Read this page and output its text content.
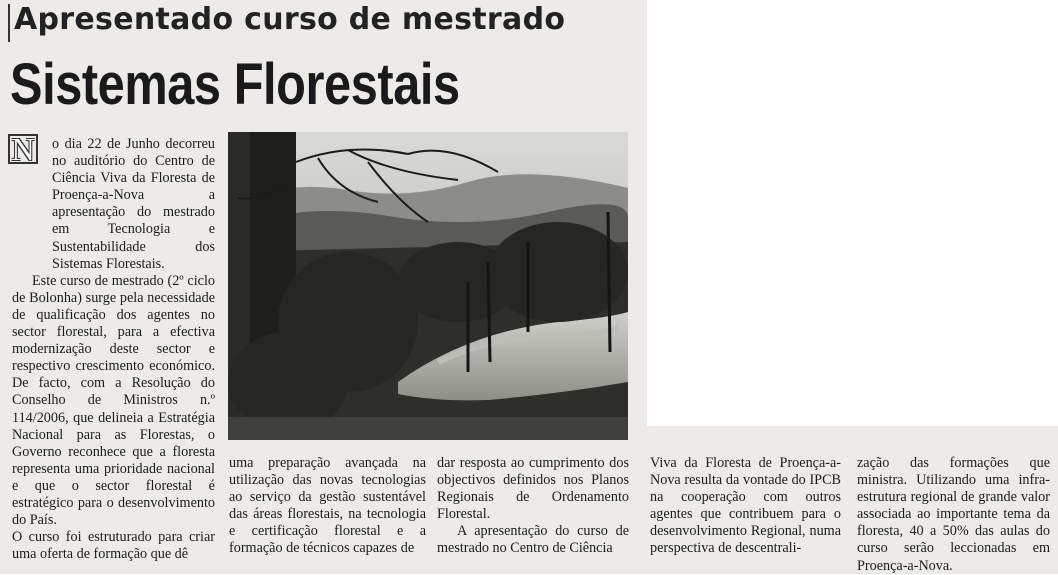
Apresentado curso de mestrado
Sistemas Florestais
N	o dia 22 de Junho decorreu no auditório do Centro de Ciência Viva da Floresta de Proença-a-Nova a apresentação do mestrado em Tecnologia e Sustentabilidade dos Sistemas Florestais.

Este curso de mestrado (2º ciclo de Bolonha) surge pela necessidade de qualificação dos agentes no sector florestal, para a efectiva modernização deste sector e respectivo crescimento económico. De facto, com a Resolução do Conselho de Ministros n.º 114/2006, que delineia a Estratégia Nacional para as Florestas, o Governo reconhece que a floresta representa uma prioridade nacional e que o sector florestal é estratégico para o desenvolvimento do País.

O curso foi estruturado para criar uma oferta de formação que dê

uma preparação avançada na utilização das novas tecnologias ao serviço da gestão sustentável das áreas florestais, na tecnologia e certificação florestal e a formação de técnicos capazes de

dar resposta ao cumprimento dos objectivos definidos nos Planos Regionais de Ordenamento Florestal.

A apresentação do curso de mestrado no Centro de Ciência

Viva da Floresta de Proença-a-Nova resulta da vontade do IPCB na cooperação com outros agentes que contribuem para o desenvolvimento Regional, numa perspectiva de descentrali-
zação das formações que ministra. Utilizando uma infra-estrutura regional de grande valor associada ao importante tema da floresta, 40 a 50% das aulas do curso serão leccionadas em Proença-a-Nova.
